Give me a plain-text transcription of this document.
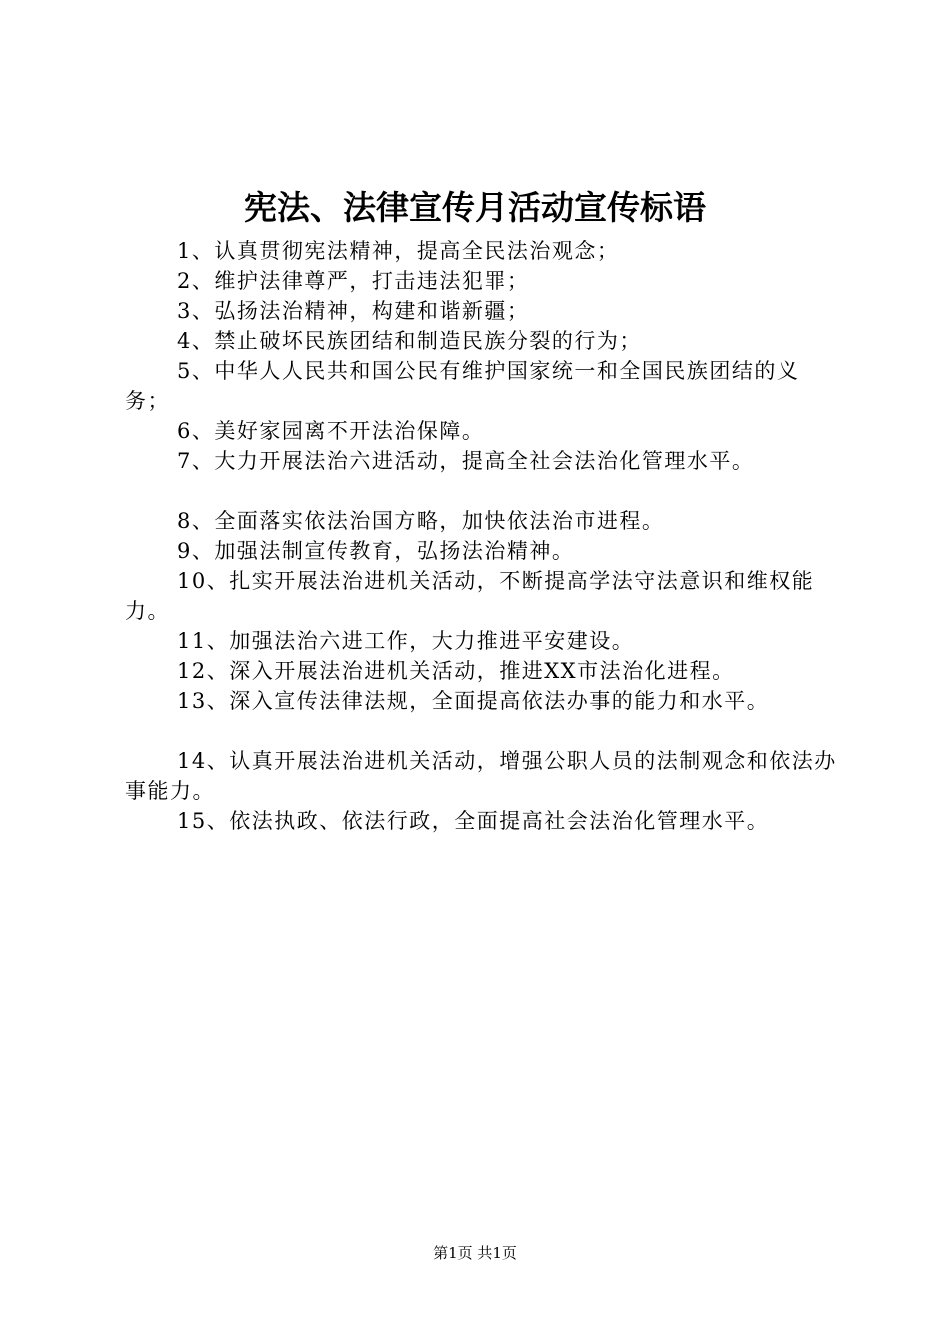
宪法、法律宣传月活动宣传标语

1、认真贯彻宪法精神，提高全民法治观念；

2、维护法律尊严，打击违法犯罪；

3、弘扬法治精神，构建和谐新疆；

4、禁止破坏民族团结和制造民族分裂的行为；

5、中华人人民共和国公民有维护国家统一和全国民族团结的义务；

6、美好家园离不开法治保障。

7、大力开展法治六进活动，提高全社会法治化管理水平。

8、全面落实依法治国方略，加快依法治市进程。

9、加强法制宣传教育，弘扬法治精神。

10、扎实开展法治进机关活动，不断提高学法守法意识和维权能力。

11、加强法治六进工作，大力推进平安建设。

12、深入开展法治进机关活动，推进XX市法治化进程。

13、深入宣传法律法规，全面提高依法办事的能力和水平。

14、认真开展法治进机关活动，增强公职人员的法制观念和依法办事能力。

15、依法执政、依法行政，全面提高社会法治化管理水平。

第1页 共1页
